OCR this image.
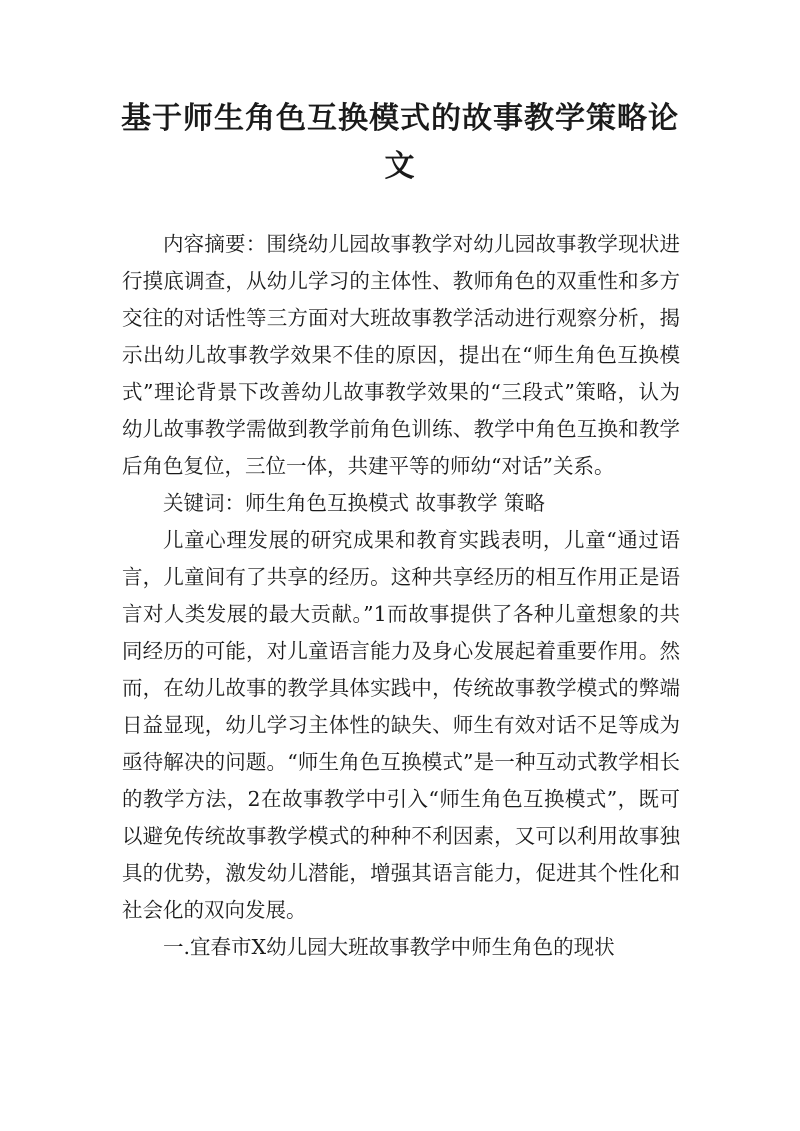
基于师生角色互换模式的故事教学策略论文

内容摘要：围绕幼儿园故事教学对幼儿园故事教学现状进行摸底调查，从幼儿学习的主体性、教师角色的双重性和多方交往的对话性等三方面对大班故事教学活动进行观察分析，揭示出幼儿故事教学效果不佳的原因，提出在“师生角色互换模式”理论背景下改善幼儿故事教学效果的“三段式”策略，认为幼儿故事教学需做到教学前角色训练、教学中角色互换和教学后角色复位，三位一体，共建平等的师幼“对话”关系。

关键词：师生角色互换模式 故事教学 策略

儿童心理发展的研究成果和教育实践表明，儿童“通过语言，儿童间有了共享的经历。这种共享经历的相互作用正是语言对人类发展的最大贡献。”1而故事提供了各种儿童想象的共同经历的可能，对儿童语言能力及身心发展起着重要作用。然而，在幼儿故事的教学具体实践中，传统故事教学模式的弊端日益显现，幼儿学习主体性的缺失、师生有效对话不足等成为亟待解决的问题。“师生角色互换模式”是一种互动式教学相长的教学方法，2在故事教学中引入“师生角色互换模式”，既可以避免传统故事教学模式的种种不利因素，又可以利用故事独具的优势，激发幼儿潜能，增强其语言能力，促进其个性化和社会化的双向发展。

一.宜春市X幼儿园大班故事教学中师生角色的现状
